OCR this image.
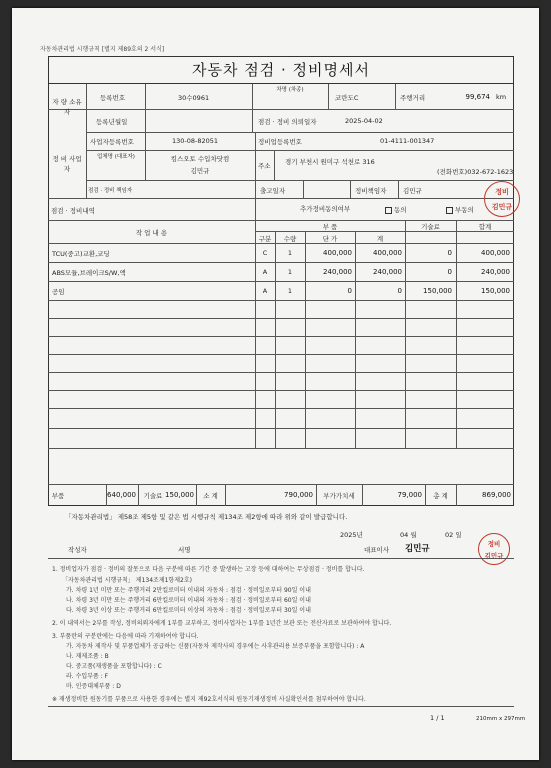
자동차관리법 시행규칙 [별지 제89호의 2 서식]
자동차 점검 · 정비명세서
자 량 소유자
등록번호	30수0961
차명 (차종)
코란도C	주행거리	99,674 km
등록년월일	점검 · 정비 의뢰일자	2025-04-02
정 비 사업자
사업자등록번호	130-08-82051	정비업등록번호	01-4111-001347
업체명 (대표자)	킴스오토 수입차닷컴
김민규
주소 경기 부천시 원미구 석천로 316
(전화번호)032-672-1623
점검 · 정비 책임자	출고일자	정비책임자	김민규
점검 · 정비내역	추가정비동의여부	동의	부동의
작 업 내 용
부 품	기술료	합계
구분	수량	단 가	계
TCU(중고)교환,코딩	C	1	400,000	400,000	0	400,000
ABS모듈,브레이크S/W,액	A	1	240,000	240,000	0	240,000
공임	A	1	0	0	150,000	150,000
부품	640,000	기술료 150,000	소 계	790,000	부가가치세	79,000	총 계	869,000
정비
김민규
「자동차관리법」 제58조 제5항 및 같은 법 시행규칙 제134조 제2항에 따라 위와 같이 발급합니다.
2025년	04 월	02 일
작성자	서명	대표이사 김민규	정비
김민규
1. 정비업자가 점검 · 정비의 잘못으로 다음 구분에 따른 기간 중 발생하는 고장 등에 대하여는 무상점검 · 정비를 합니다.
「자동차관리법 시행규칙」 제134조제1항제2호)
가. 차령 1년 미만 또는 주행거리 2만킬로미터 이내의 자동차 : 점검 · 정비일로부터 90일 이내
나. 차령 3년 미만 또는 주행거리 6만킬로미터 이내의 자동차 : 점검 · 정비일로부터 60일 이내
다. 차령 3년 이상 또는 주행거리 6만킬로미터 이상의 자동차 : 점검 · 정비일로부터 30일 이내
2. 이 내역서는 2부를 작성, 정비의뢰자에게 1부를 교부하고, 정비사업자는 1부를 1년간 보관 또는 전산자료로 보관하여야 합니다.
3. 부품란의 구분란에는 다음에 따라 기재하여야 합니다.
가. 자동차 제작사 및 부품업체가 공급하는 신품(자동차 제작사의 경우에는 사후관리용 보증부품을 포함합니다) : A
나. 재제조품 : B
다. 중고품(재생품을 포함합니다) : C
라. 수입부품 : F
마. 인증대체부품 : D
※ 재생정비한 원동기를 부품으로 사용한 경우에는 별지 제92호서식의 원동기재생정비 사실확인서를 첨부하여야 합니다.
1 / 1	210mm x 297mm
